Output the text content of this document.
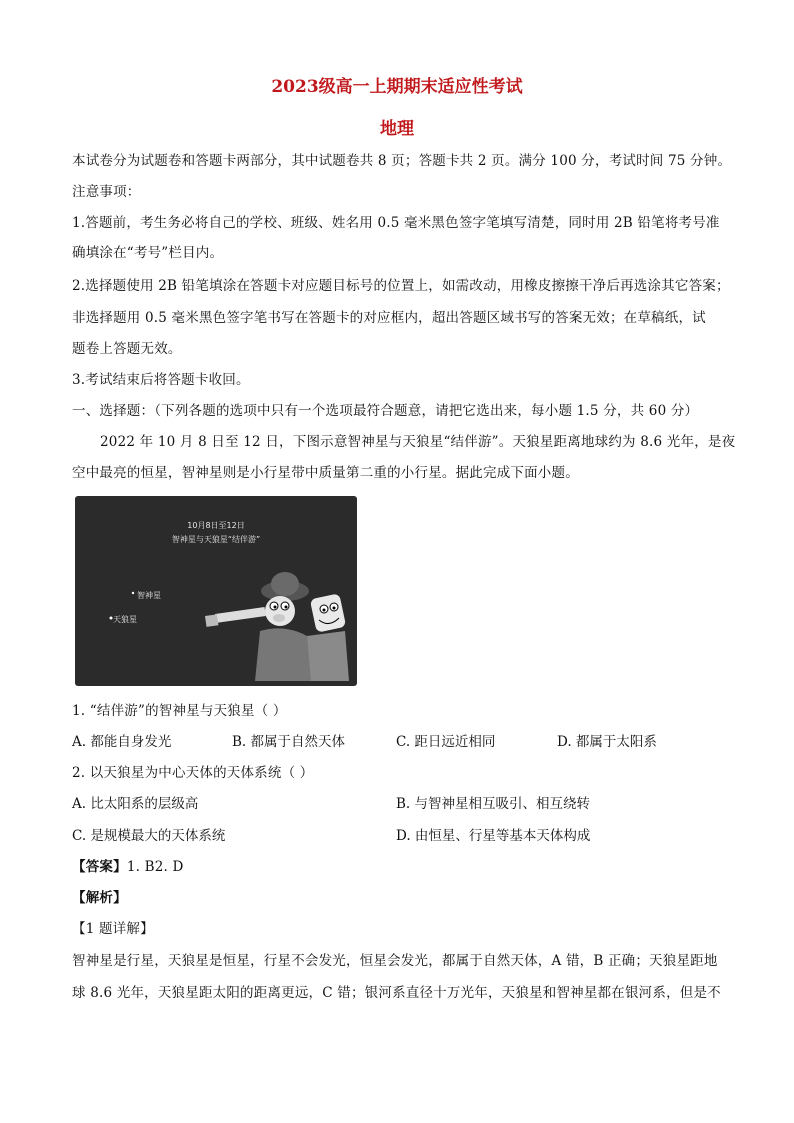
2023级高一上期期末适应性考试
地理
本试卷分为试题卷和答题卡两部分，其中试题卷共 8 页；答题卡共 2 页。满分 100 分，考试时间 75 分钟。
注意事项：
1.答题前，考生务必将自己的学校、班级、姓名用 0.5 毫米黑色签字笔填写清楚，同时用 2B 铅笔将考号准
确填涂在“考号”栏目内。
2.选择题使用 2B 铅笔填涂在答题卡对应题目标号的位置上，如需改动，用橡皮擦擦干净后再选涂其它答案；
非选择题用 0.5 毫米黑色签字笔书写在答题卡的对应框内，超出答题区域书写的答案无效；在草稿纸，试
题卷上答题无效。
3.考试结束后将答题卡收回。
一、选择题：（下列各题的选项中只有一个选项最符合题意，请把它选出来，每小题 1.5 分，共 60 分）
2022 年 10 月 8 日至 12 日，下图示意智神星与天狼星“结伴游”。天狼星距离地球约为 8.6 光年，是夜
空中最亮的恒星，智神星则是小行星带中质量第二重的小行星。据此完成下面小题。
10月8日至12日
智神星与天狼星“结伴游”
智神星
天狼星
1. “结伴游”的智神星与天狼星（ ）
A. 都能自身发光	B. 都属于自然天体	C. 距日远近相同	D. 都属于太阳系
2. 以天狼星为中心天体的天体系统（ ）
A. 比太阳系的层级高	B. 与智神星相互吸引、相互绕转
C. 是规模最大的天体系统	D. 由恒星、行星等基本天体构成
【答案】1. B2. D
【解析】
【1 题详解】
智神星是行星，天狼星是恒星，行星不会发光，恒星会发光，都属于自然天体，A 错，B 正确；天狼星距地
球 8.6 光年，天狼星距太阳的距离更远，C 错；银河系直径十万光年，天狼星和智神星都在银河系，但是不
